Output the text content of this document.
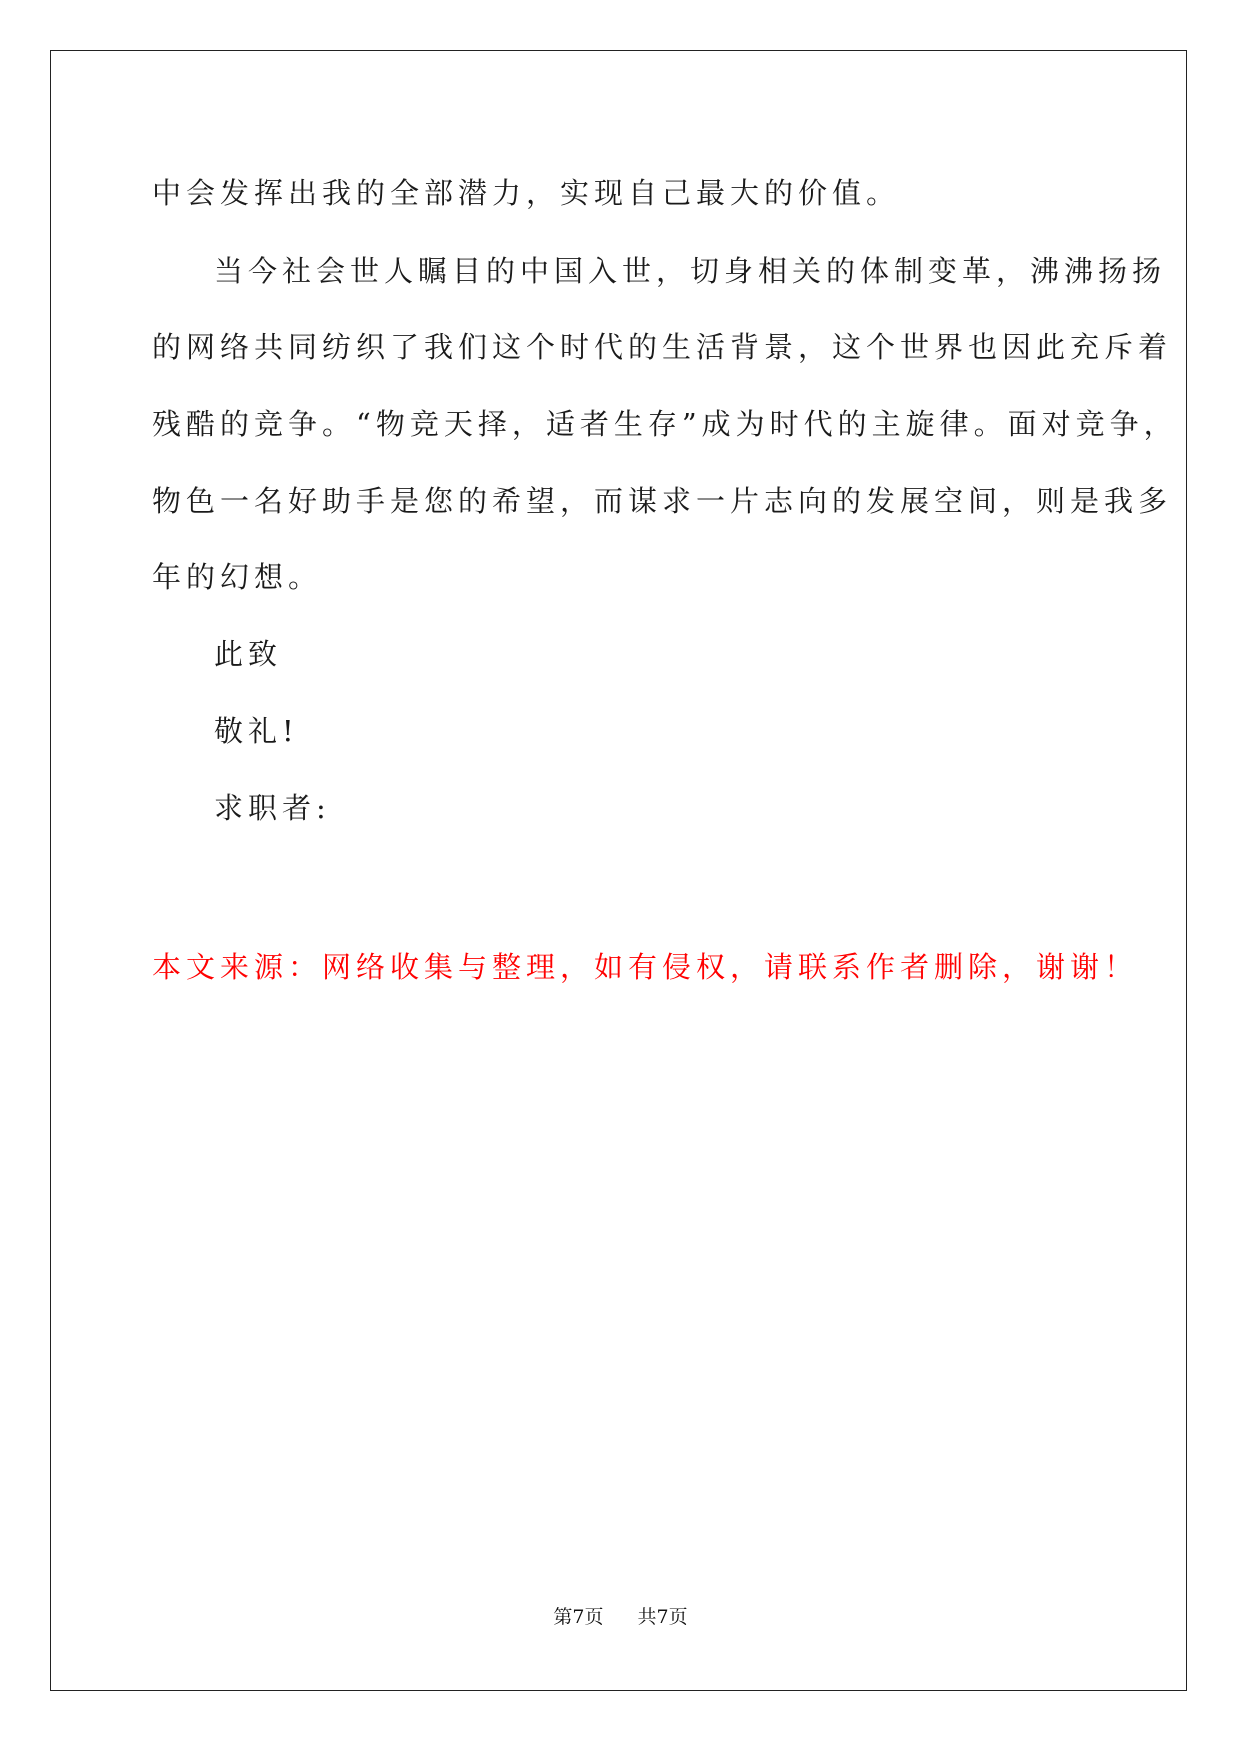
中会发挥出我的全部潜力，实现自己最大的价值。
当今社会世人瞩目的中国入世，切身相关的体制变革，沸沸扬扬
的网络共同纺织了我们这个时代的生活背景，这个世界也因此充斥着
残酷的竞争。“物竞天择，适者生存”成为时代的主旋律。面对竞争，
物色一名好助手是您的希望，而谋求一片志向的发展空间，则是我多
年的幻想。
此致
敬礼!
求职者:
本文来源：网络收集与整理，如有侵权，请联系作者删除，谢谢！
第7页 共7页
